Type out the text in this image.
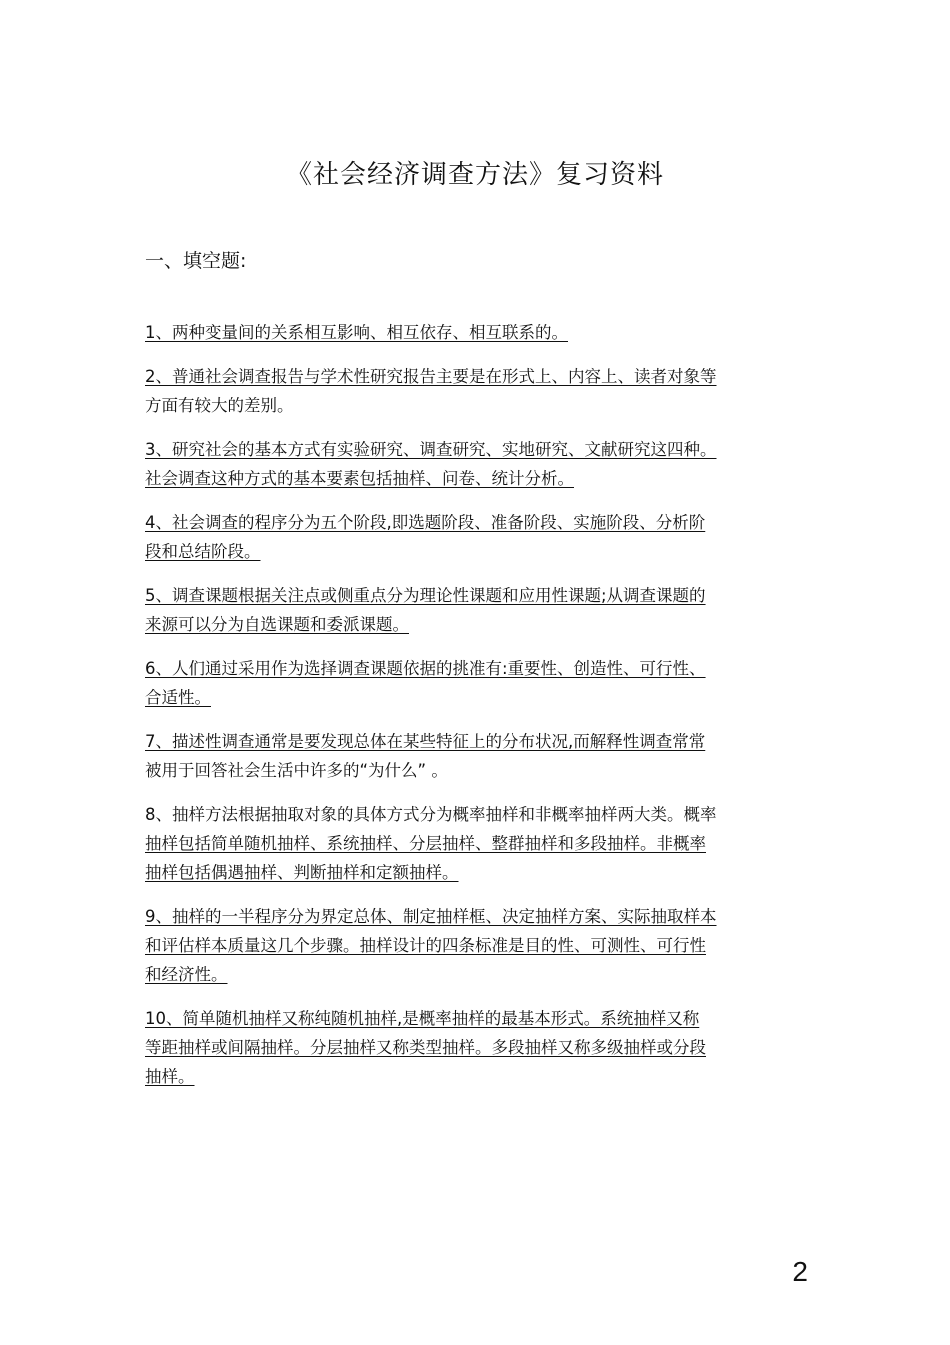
《社会经济调查方法》复习资料
一、填空题:
1、两种变量间的关系相互影响、相互依存、相互联系的。
2、普通社会调查报告与学术性研究报告主要是在形式上、内容上、读者对象等
方面有较大的差别。
3、研究社会的基本方式有实验研究、调查研究、实地研究、文献研究这四种。
社会调查这种方式的基本要素包括抽样、问卷、统计分析。
4、社会调查的程序分为五个阶段,即选题阶段、准备阶段、实施阶段、分析阶
段和总结阶段。
5、调查课题根据关注点或侧重点分为理论性课题和应用性课题;从调查课题的
来源可以分为自选课题和委派课题。
6、人们通过采用作为选择调查课题依据的挑准有:重要性、创造性、可行性、
合适性。
7、描述性调查通常是要发现总体在某些特征上的分布状况,而解释性调查常常
被用于回答社会生活中许多的“为什么” 。
8、抽样方法根据抽取对象的具体方式分为概率抽样和非概率抽样两大类。概率
抽样包括简单随机抽样、系统抽样、分层抽样、整群抽样和多段抽样。非概率
抽样包括偶遇抽样、判断抽样和定额抽样。
9、抽样的一半程序分为界定总体、制定抽样框、决定抽样方案、实际抽取样本
和评估样本质量这几个步骤。抽样设计的四条标准是目的性、可测性、可行性
和经济性。
10、简单随机抽样又称纯随机抽样,是概率抽样的最基本形式。系统抽样又称
等距抽样或间隔抽样。分层抽样又称类型抽样。多段抽样又称多级抽样或分段
抽样。
2
